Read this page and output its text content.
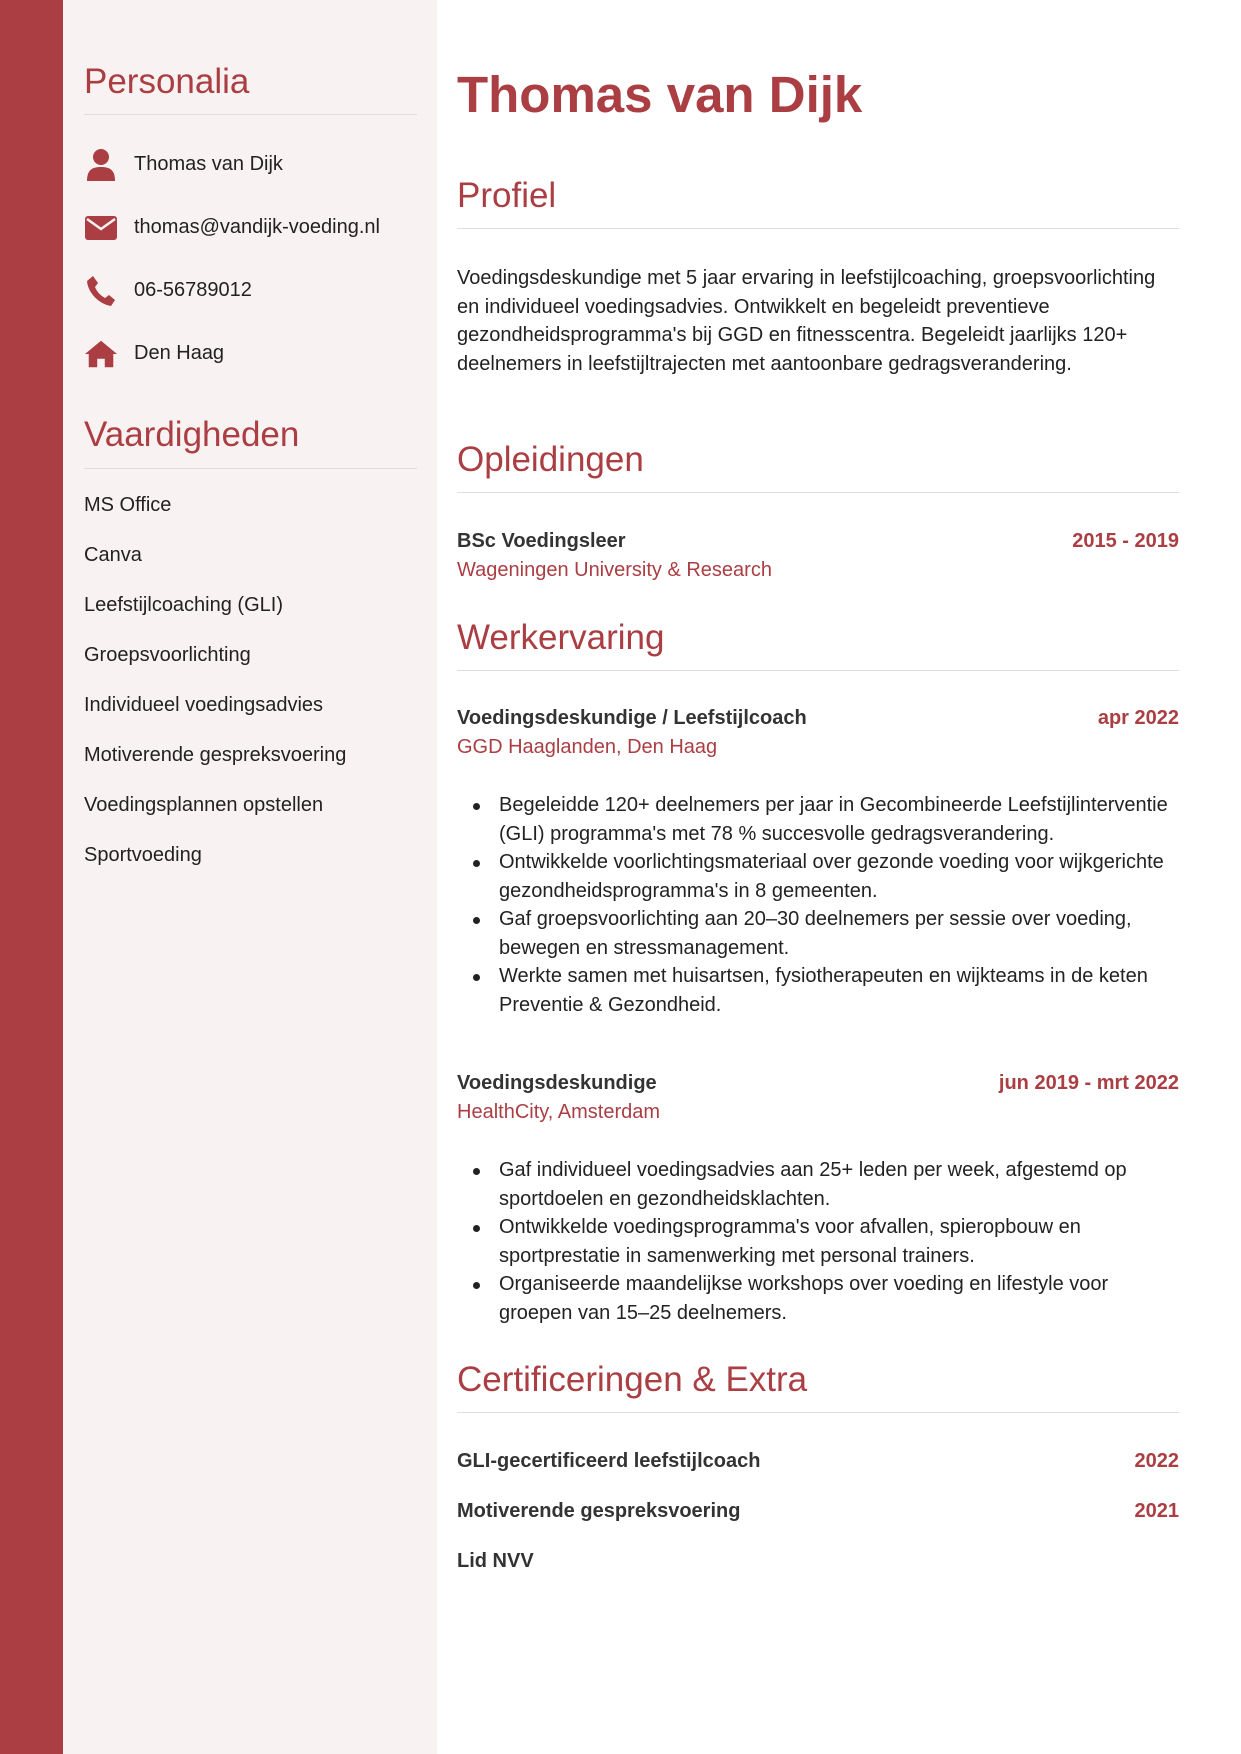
Personalia
Thomas van Dijk
thomas@vandijk-voeding.nl
06-56789012
Den Haag
Vaardigheden
MS Office
Canva
Leefstijlcoaching (GLI)
Groepsvoorlichting
Individueel voedingsadvies
Motiverende gespreksvoering
Voedingsplannen opstellen
Sportvoeding
Thomas van Dijk
Profiel

Voedingsdeskundige met 5 jaar ervaring in leefstijlcoaching, groepsvoorlichting en individueel voedingsadvies. Ontwikkelt en begeleidt preventieve gezondheidsprogramma's bij GGD en fitnesscentra. Begeleidt jaarlijks 120+ deelnemers in leefstijltrajecten met aantoonbare gedragsverandering.

Opleidingen
BSc Voedingsleer	2015 - 2019
Wageningen University & Research
Werkervaring
Voedingsdeskundige / Leefstijlcoach	apr 2022
GGD Haaglanden, Den Haag
Begeleidde 120+ deelnemers per jaar in Gecombineerde Leefstijlinterventie (GLI) programma's met 78 % succesvolle gedragsverandering.
Ontwikkelde voorlichtingsmateriaal over gezonde voeding voor wijkgerichte gezondheidsprogramma's in 8 gemeenten.
Gaf groepsvoorlichting aan 20–30 deelnemers per sessie over voeding, bewegen en stressmanagement.
Werkte samen met huisartsen, fysiotherapeuten en wijkteams in de keten Preventie & Gezondheid.
Voedingsdeskundige	jun 2019 - mrt 2022
HealthCity, Amsterdam
Gaf individueel voedingsadvies aan 25+ leden per week, afgestemd op sportdoelen en gezondheidsklachten.
Ontwikkelde voedingsprogramma's voor afvallen, spieropbouw en sportprestatie in samenwerking met personal trainers.
Organiseerde maandelijkse workshops over voeding en lifestyle voor groepen van 15–25 deelnemers.
Certificeringen & Extra
GLI-gecertificeerd leefstijlcoach	2022
Motiverende gespreksvoering	2021
Lid NVV
